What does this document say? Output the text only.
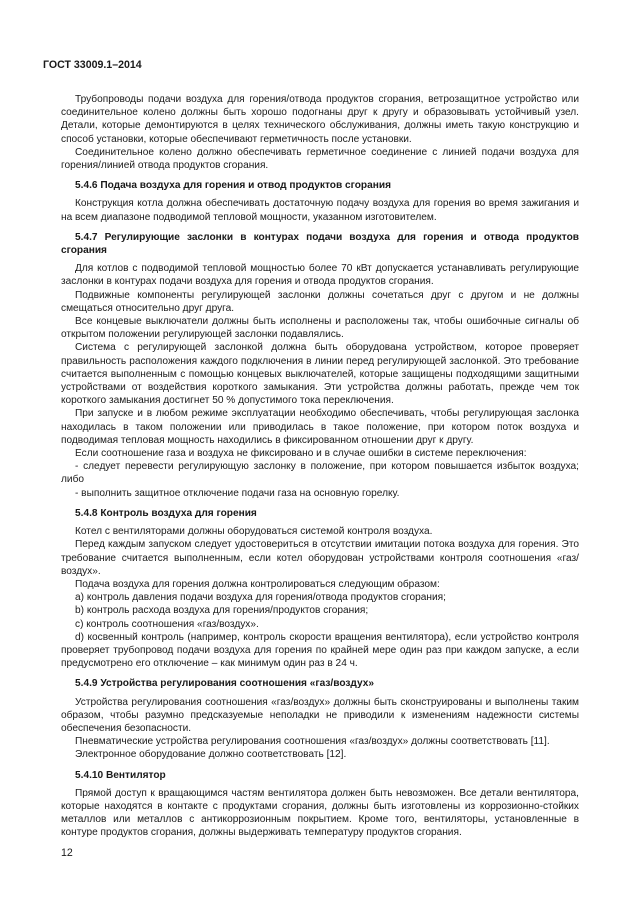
ГОСТ 33009.1–2014

Трубопроводы подачи воздуха для горения/отвода продуктов сгорания, ветрозащитное устройство или соединительное колено должны быть хорошо подогнаны друг к другу и образовывать устойчивый узел. Детали, которые демонтируются в целях технического обслуживания, должны иметь такую конструкцию и способ установки, которые обеспечивают герметичность после установки.

Соединительное колено должно обеспечивать герметичное соединение с линией подачи воздуха для горения/линией отвода продуктов сгорания.

5.4.6 Подача воздуха для горения и отвод продуктов сгорания

Конструкция котла должна обеспечивать достаточную подачу воздуха для горения во время зажигания и на всем диапазоне подводимой тепловой мощности, указанном изготовителем.

5.4.7 Регулирующие заслонки в контурах подачи воздуха для горения и отвода продуктов сгорания

Для котлов с подводимой тепловой мощностью более 70 кВт допускается устанавливать регулирующие заслонки в контурах подачи воздуха для горения и отвода продуктов сгорания.

Подвижные компоненты регулирующей заслонки должны сочетаться друг с другом и не должны смещаться относительно друг друга.

Все концевые выключатели должны быть исполнены и расположены так, чтобы ошибочные сигналы об открытом положении регулирующей заслонки подавлялись.

Система с регулирующей заслонкой должна быть оборудована устройством, которое проверяет правильность расположения каждого подключения в линии перед регулирующей заслонкой. Это требование считается выполненным с помощью концевых выключателей, которые защищены подходящими защитными устройствами от воздействия короткого замыкания. Эти устройства должны работать, прежде чем ток короткого замыкания достигнет 50 % допустимого тока переключения.

При запуске и в любом режиме эксплуатации необходимо обеспечивать, чтобы регулирующая заслонка находилась в таком положении или приводилась в такое положение, при котором поток воздуха и подводимая тепловая мощность находились в фиксированном отношении друг к другу.

Если соотношение газа и воздуха не фиксировано и в случае ошибки в системе переключения:

- следует перевести регулирующую заслонку в положение, при котором повышается избыток воздуха; либо

- выполнить защитное отключение подачи газа на основную горелку.

5.4.8 Контроль воздуха для горения

Котел с вентиляторами должны оборудоваться системой контроля воздуха.

Перед каждым запуском следует удостовериться в отсутствии имитации потока воздуха для горения. Это требование считается выполненным, если котел оборудован устройствами контроля соотношения «газ/воздух».

Подача воздуха для горения должна контролироваться следующим образом:

а) контроль давления подачи воздуха для горения/отвода продуктов сгорания;

b) контроль расхода воздуха для горения/продуктов сгорания;

c) контроль соотношения «газ/воздух».

d) косвенный контроль (например, контроль скорости вращения вентилятора), если устройство контроля проверяет трубопровод подачи воздуха для горения по крайней мере один раз при каждом запуске, а если предусмотрено его отключение – как минимум один раз в 24 ч.

5.4.9 Устройства регулирования соотношения «газ/воздух»

Устройства регулирования соотношения «газ/воздух» должны быть сконструированы и выполнены таким образом, чтобы разумно предсказуемые неполадки не приводили к изменениям надежности системы обеспечения безопасности.

Пневматические устройства регулирования соотношения «газ/воздух» должны соответствовать [11].

Электронное оборудование должно соответствовать [12].

5.4.10 Вентилятор

Прямой доступ к вращающимся частям вентилятора должен быть невозможен. Все детали вентилятора, которые находятся в контакте с продуктами сгорания, должны быть изготовлены из коррозионно-стойких металлов или металлов с антикоррозионным покрытием. Кроме того, вентиляторы, установленные в контуре продуктов сгорания, должны выдерживать температуру продуктов сгорания.

12
